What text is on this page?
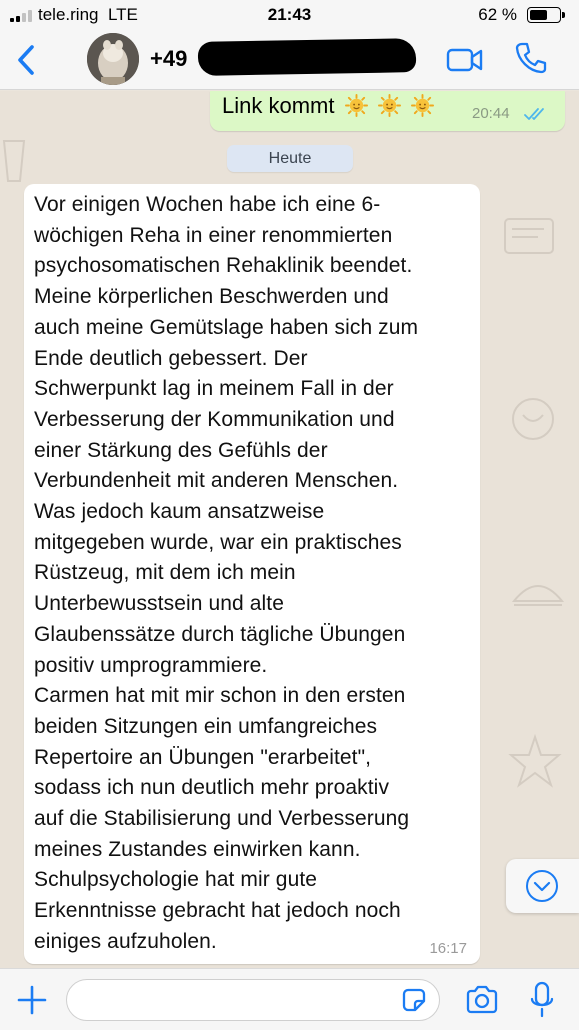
tele.ring LTE	21:43	62 %
+49
Link kommt	20:44
Heute
Vor einigen Wochen habe ich eine 6-
wöchigen Reha in einer renommierten
psychosomatischen Rehaklinik beendet.
Meine körperlichen Beschwerden und
auch meine Gemütslage haben sich zum
Ende deutlich gebessert. Der
Schwerpunkt lag in meinem Fall in der
Verbesserung der Kommunikation und
einer Stärkung des Gefühls der
Verbundenheit mit anderen Menschen.
Was jedoch kaum ansatzweise
mitgegeben wurde, war ein praktisches
Rüstzeug, mit dem ich mein
Unterbewusstsein und alte
Glaubenssätze durch tägliche Übungen
positiv umprogrammiere.
Carmen hat mit mir schon in den ersten
beiden Sitzungen ein umfangreiches
Repertoire an Übungen "erarbeitet",
sodass ich nun deutlich mehr proaktiv
auf die Stabilisierung und Verbesserung
meines Zustandes einwirken kann.
Schulpsychologie hat mir gute
Erkenntnisse gebracht hat jedoch noch
einiges aufzuholen.	16:17
